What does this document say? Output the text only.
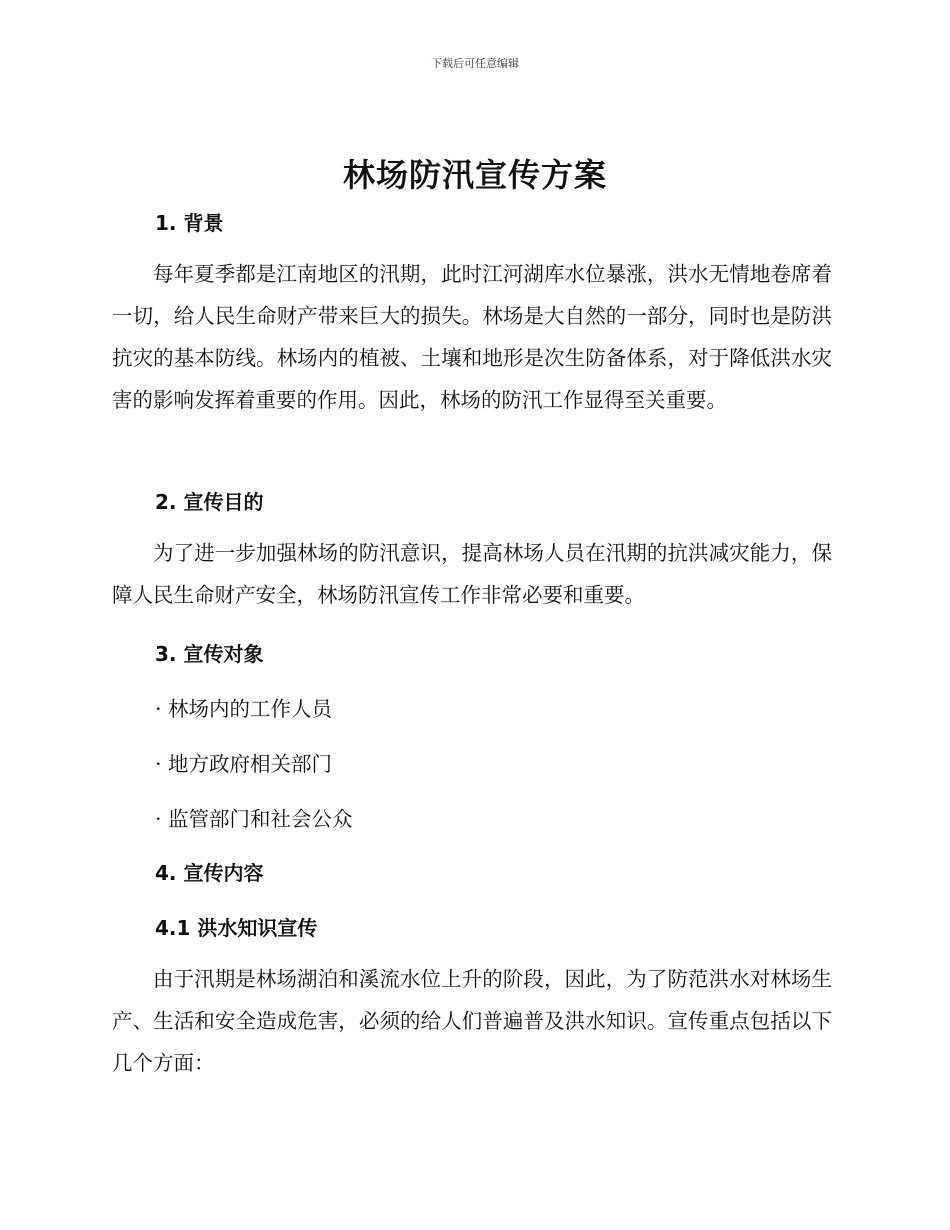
下载后可任意编辑
林场防汛宣传方案
1. 背景
每年夏季都是江南地区的汛期，此时江河湖库水位暴涨，洪水无情地卷席着一切，给人民生命财产带来巨大的损失。林场是大自然的一部分，同时也是防洪抗灾的基本防线。林场内的植被、土壤和地形是次生防备体系，对于降低洪水灾害的影响发挥着重要的作用。因此，林场的防汛工作显得至关重要。
2. 宣传目的
为了进一步加强林场的防汛意识，提高林场人员在汛期的抗洪减灾能力，保障人民生命财产安全，林场防汛宣传工作非常必要和重要。
3. 宣传对象
· 林场内的工作人员
· 地方政府相关部门
· 监管部门和社会公众
4. 宣传内容
4.1 洪水知识宣传
由于汛期是林场湖泊和溪流水位上升的阶段，因此，为了防范洪水对林场生产、生活和安全造成危害，必须的给人们普遍普及洪水知识。宣传重点包括以下几个方面：
